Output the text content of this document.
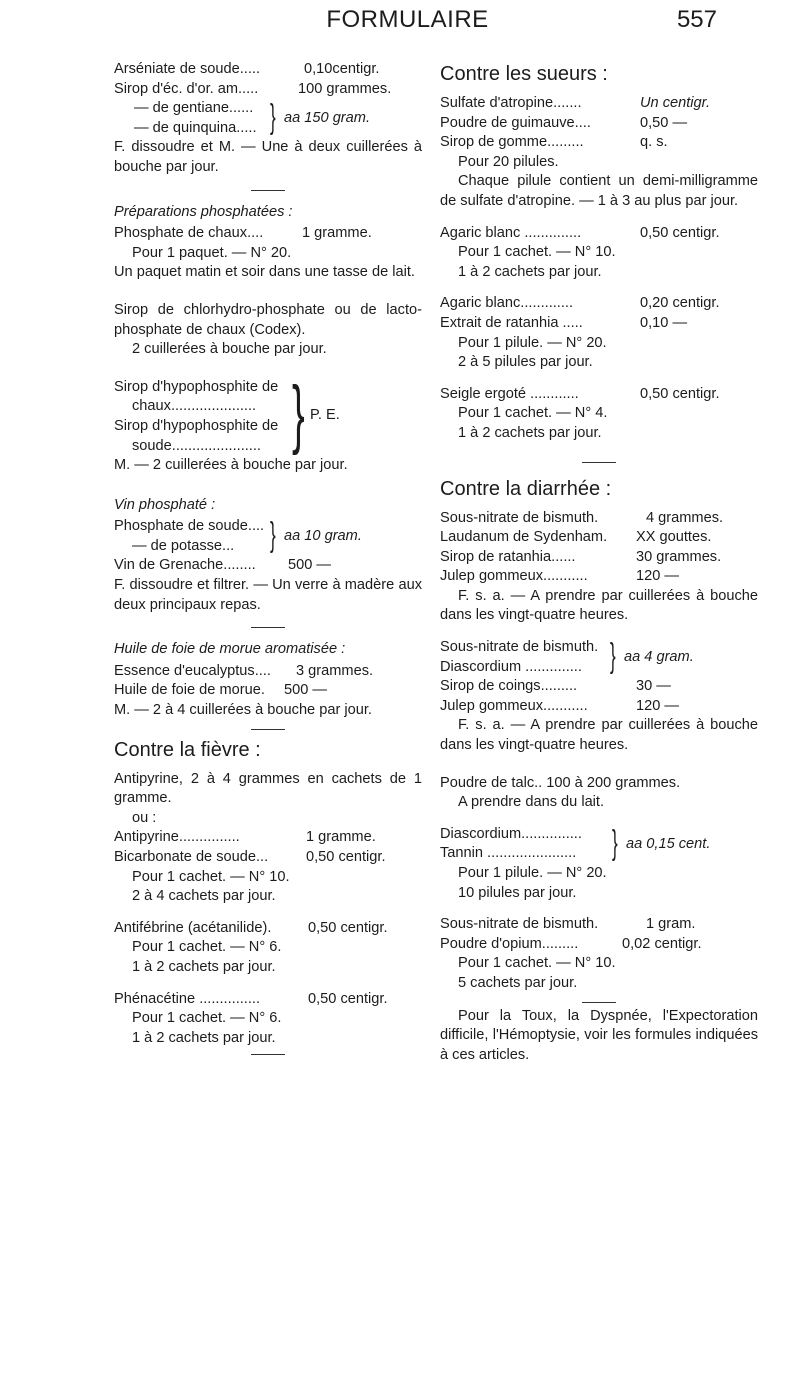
FORMULAIRE	557
Arséniate de soude.....	0,10centigr.
Sirop d'éc. d'or. am.....	100 grammes.
— de gentiane......
— de quinquina..... } aa 150 gram.
F. dissoudre et M. — Une à deux cuillerées à bouche par jour.
Préparations phosphatées :
Phosphate de chaux....	1 gramme.
Pour 1 paquet. — N° 20.
Un paquet matin et soir dans une tasse de lait.
Sirop de chlorhydro-phosphate ou de lacto-phosphate de chaux (Codex).
2 cuillerées à bouche par jour.
Sirop d'hypophosphite de
chaux.....................
Sirop d'hypophosphite de
soude...................... } P. E.
M. — 2 cuillerées à bouche par jour.
Vin phosphaté :
Phosphate de soude....
— de potasse...	} aa 10 gram.
Vin de Grenache........ 500 —
F. dissoudre et filtrer. — Un verre à madère aux deux principaux repas.
Huile de foie de morue aromatisée :
Essence d'eucalyptus.... 3 grammes.
Huile de foie de morue. 500 —
M. — 2 à 4 cuillerées à bouche par jour.
Contre la fièvre :
Antipyrine, 2 à 4 grammes en cachets de 1 gramme.
ou :
Antipyrine...............	1 gramme.
Bicarbonate de soude...	0,50 centigr.
Pour 1 cachet. — N° 10.
2 à 4 cachets par jour.
Antifébrine (acétanilide).	0,50 centigr.
Pour 1 cachet. — N° 6.
1 à 2 cachets par jour.
Phénacétine ...............	0,50 centigr.
Pour 1 cachet. — N° 6.
1 à 2 cachets par jour.
Contre les sueurs :
Sulfate d'atropine.......	Un centigr.
Poudre de guimauve....	0,50 —
Sirop de gomme.........	q. s.
Pour 20 pilules.
Chaque pilule contient un demi-milligramme de sulfate d'atropine. — 1 à 3 au plus par jour.
Agaric blanc ..............	0,50 centigr.
Pour 1 cachet. — N° 10.
1 à 2 cachets par jour.
Agaric blanc.............	0,20 centigr.
Extrait de ratanhia .....	0,10 —
Pour 1 pilule. — N° 20.
2 à 5 pilules par jour.
Seigle ergoté ............	0,50 centigr.
Pour 1 cachet. — N° 4.
1 à 2 cachets par jour.
Contre la diarrhée :
Sous-nitrate de bismuth.	4 grammes.
Laudanum de Sydenham. XX gouttes.
Sirop de ratanhia......	30 grammes.
Julep gommeux...........	120 —
F. s. a. — A prendre par cuillerées à bouche dans les vingt-quatre heures.
Sous-nitrate de bismuth.
Diascordium .............. } aa 4 gram.
Sirop de coings.........	30 —
Julep gommeux...........	120 —
F. s. a. — A prendre par cuillerées à bouche dans les vingt-quatre heures.
Poudre de talc.. 100 à 200 grammes.
A prendre dans du lait.
Diascordium...............
Tannin ......................	} aa 0,15 cent.
Pour 1 pilule. — N° 20.
10 pilules par jour.
Sous-nitrate de bismuth.	1 gram.
Poudre d'opium.........	0,02 centigr.
Pour 1 cachet. — N° 10.
5 cachets par jour.
Pour la Toux, la Dyspnée, l'Expectoration difficile, l'Hémoptysie, voir les formules indiquées à ces articles.
